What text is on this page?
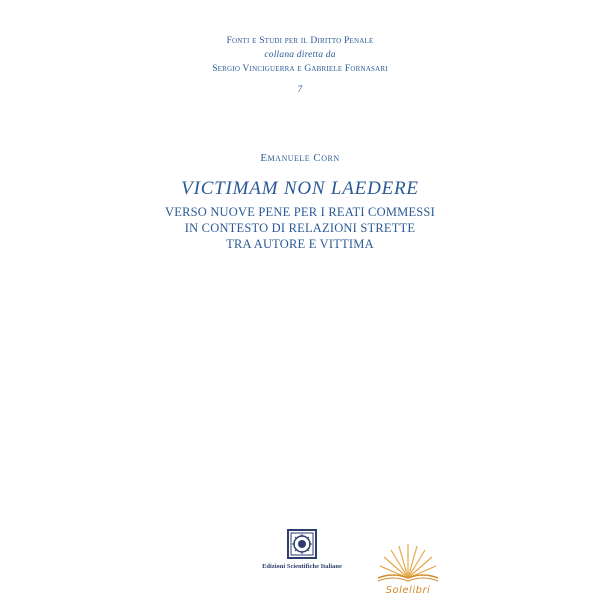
Fonti e Studi per il Diritto Penale
collana diretta da
Sergio Vinciguerra e Gabriele Fornasari
7
Emanuele Corn
VICTIMAM NON LAEDERE
VERSO NUOVE PENE PER I REATI COMMESSI
IN CONTESTO DI RELAZIONI STRETTE
TRA AUTORE E VITTIMA
Edizioni Scientifiche Italiane
Solelibri
